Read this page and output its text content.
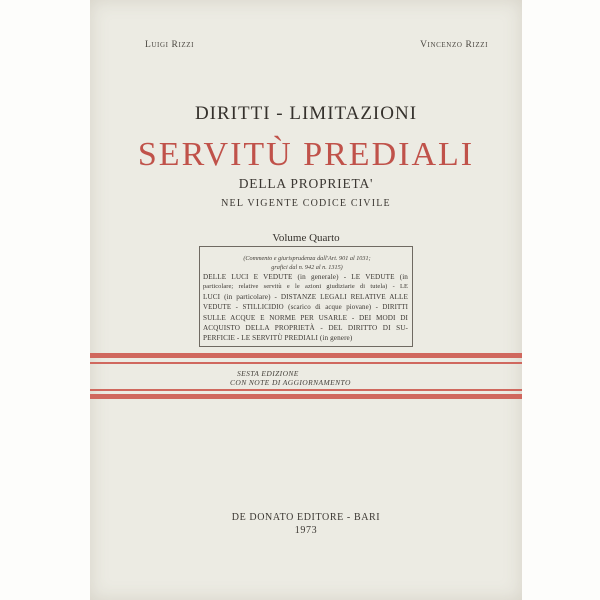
Luigi Rizzi	Vincenzo Rizzi
DIRITTI - LIMITAZIONI
SERVITÙ PREDIALI
DELLA PROPRIETA'
NEL VIGENTE CODICE CIVILE
Volume Quarto
(Commento e giurisprudenza dall'Art. 901 al 1031;
grafici dal n. 942 al n. 1315)
DELLE LUCI E VEDUTE (in generale) - LE VEDUTE (in
particolare; relative servitù e le azioni giudiziarie di tutela) - LE
LUCI (in particolare) - DISTANZE LEGALI RELATIVE ALLE
VEDUTE - STILLICIDIO (scarico di acque piovane) - DIRITTI
SULLE ACQUE E NORME PER USARLE - DEI MODI DI
ACQUISTO DELLA PROPRIETÀ - DEL DIRITTO DI SU-
PERFICIE - LE SERVITÙ PREDIALI (in genere)
SESTA EDIZIONE
CON NOTE DI AGGIORNAMENTO
DE DONATO EDITORE - BARI
1973
